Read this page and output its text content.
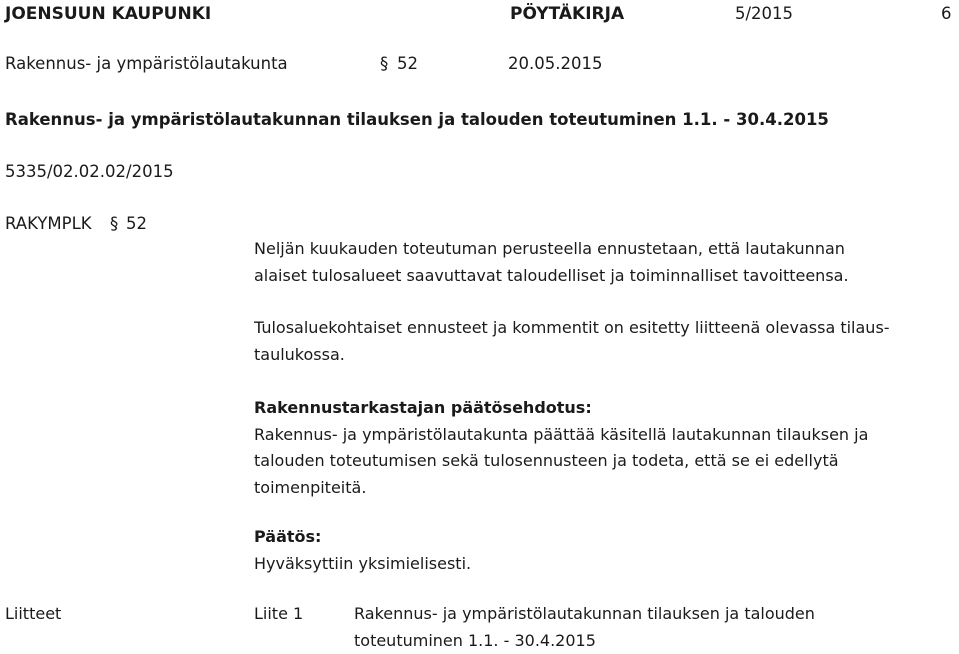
JOENSUUN KAUPUNKI	PÖYTÄKIRJA	5/2015	6
Rakennus- ja ympäristölautakunta	§ 52	20.05.2015
Rakennus- ja ympäristölautakunnan tilauksen ja talouden toteutuminen 1.1. - 30.4.2015
5335/02.02.02/2015
RAKYMPLK § 52
Neljän kuukauden toteutuman perusteella ennustetaan, että lautakunnan
alaiset tulosalueet saavuttavat taloudelliset ja toiminnalliset tavoitteensa.
Tulosaluekohtaiset ennusteet ja kommentit on esitetty liitteenä olevassa tilaus-
taulukossa.
Rakennustarkastajan päätösehdotus:
Rakennus- ja ympäristölautakunta päättää käsitellä lautakunnan tilauksen ja
talouden toteutumisen sekä tulosennusteen ja todeta, että se ei edellytä
toimenpiteitä.
Päätös:
Hyväksyttiin yksimielisesti.
Liitteet	Liite 1	Rakennus- ja ympäristölautakunnan tilauksen ja talouden
toteutuminen 1.1. - 30.4.2015
